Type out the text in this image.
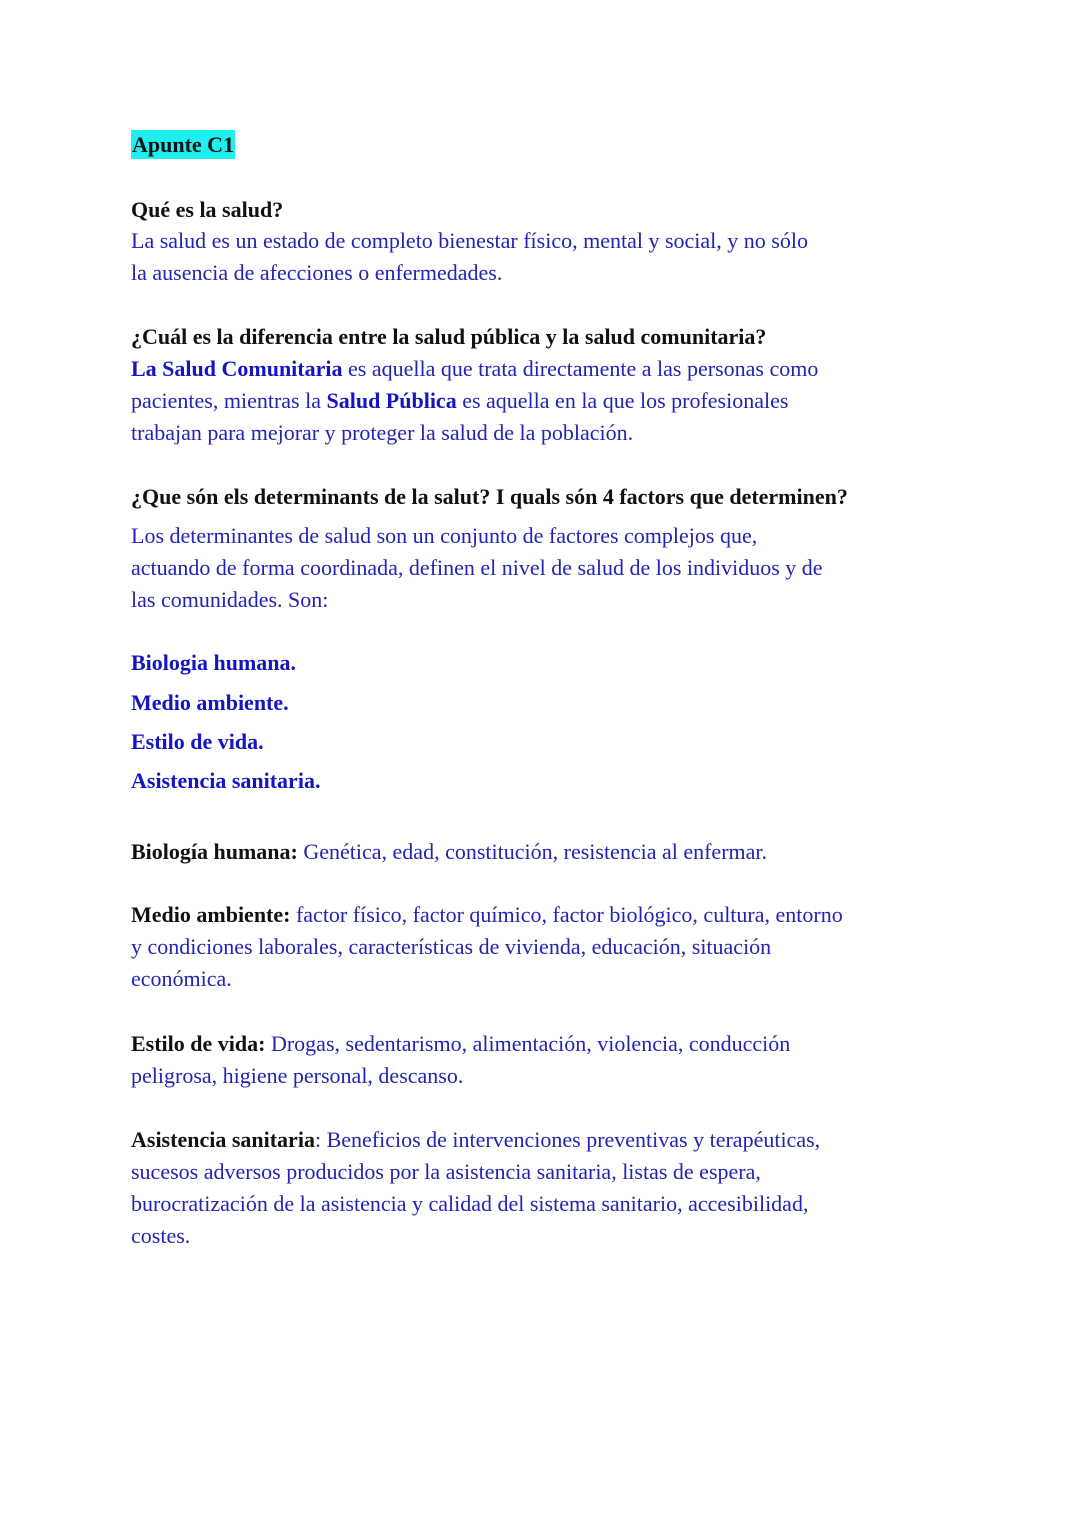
Apunte C1
Qué es la salud?
La salud es un estado de completo bienestar físico, mental y social, y no sólo
la ausencia de afecciones o enfermedades.
¿Cuál es la diferencia entre la salud pública y la salud comunitaria?
La Salud Comunitaria es aquella que trata directamente a las personas como
pacientes, mientras la Salud Pública es aquella en la que los profesionales
trabajan para mejorar y proteger la salud de la población.
¿Que són els determinants de la salut? I quals són 4 factors que determinen?
Los determinantes de salud son un conjunto de factores complejos que,
actuando de forma coordinada, definen el nivel de salud de los individuos y de
las comunidades. Son:
Biologia humana.
Medio ambiente.
Estilo de vida.
Asistencia sanitaria.
Biología humana: Genética, edad, constitución, resistencia al enfermar.
Medio ambiente: factor físico, factor químico, factor biológico, cultura, entorno
y condiciones laborales, características de vivienda, educación, situación
económica.
Estilo de vida: Drogas, sedentarismo, alimentación, violencia, conducción
peligrosa, higiene personal, descanso.
Asistencia sanitaria: Beneficios de intervenciones preventivas y terapéuticas,
sucesos adversos producidos por la asistencia sanitaria, listas de espera,
burocratización de la asistencia y calidad del sistema sanitario, accesibilidad,
costes.
